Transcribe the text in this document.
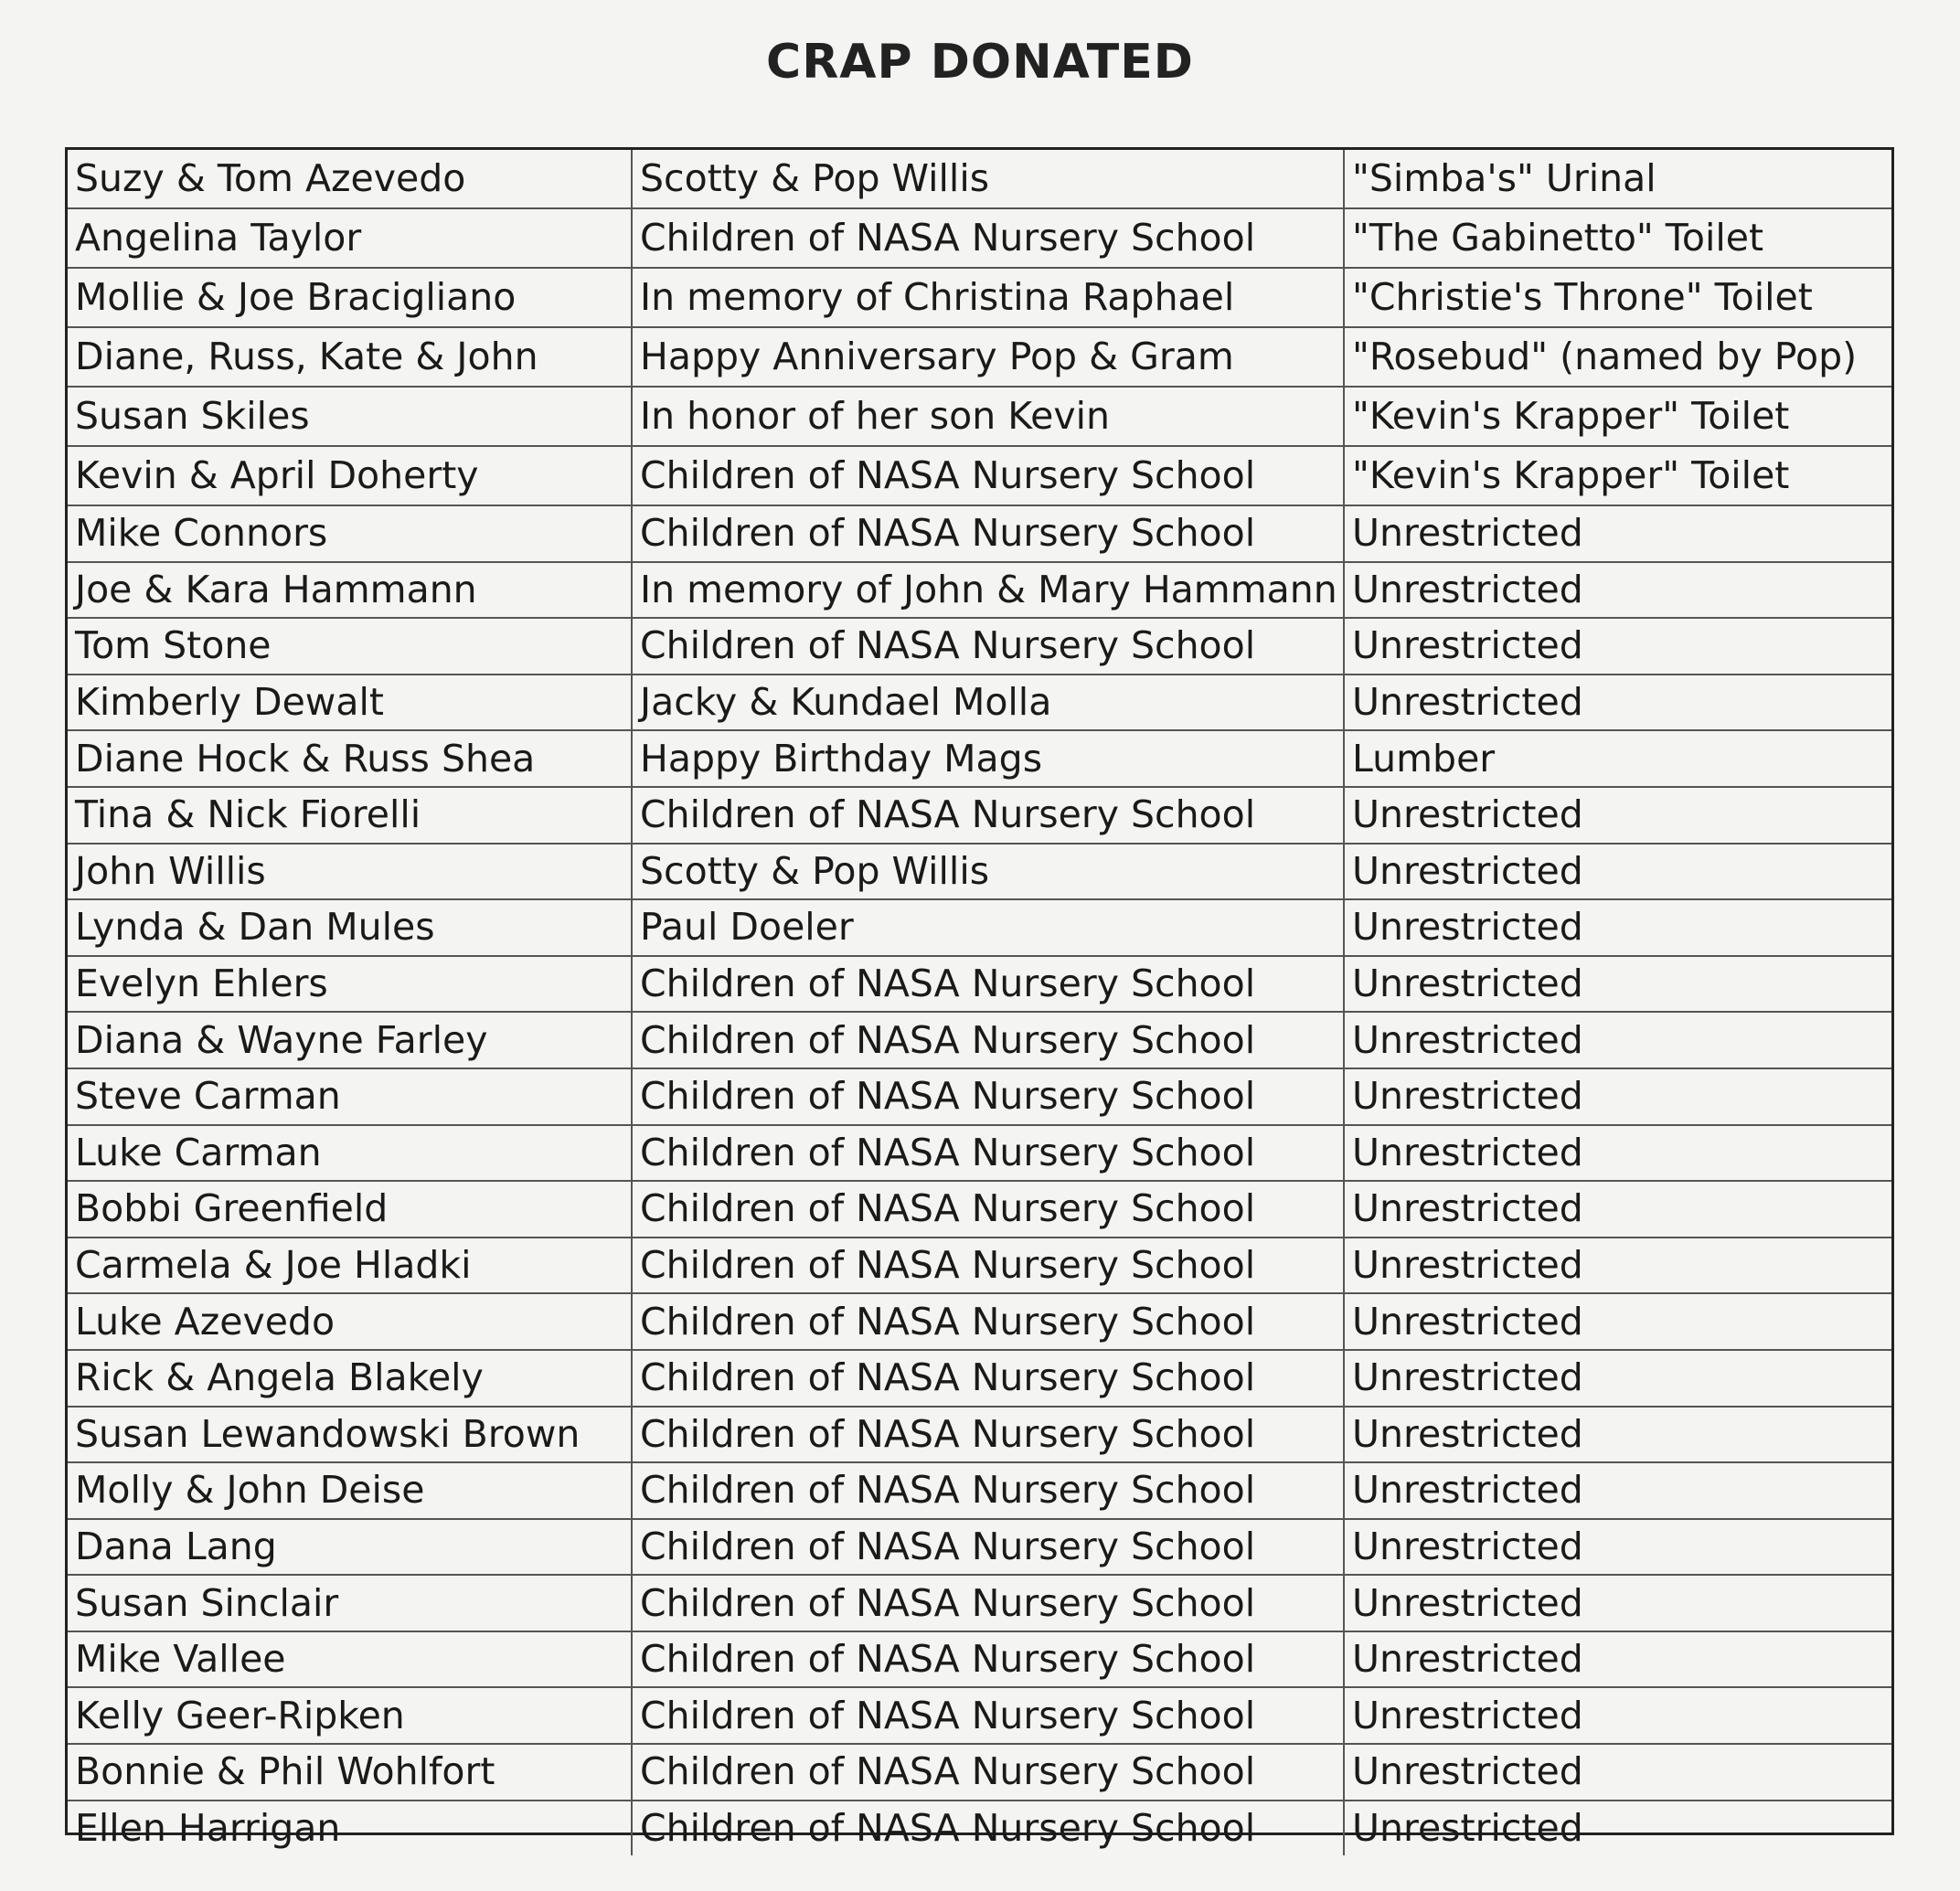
CRAP DONATED
Suzy & Tom Azevedo	Scotty & Pop Willis	"Simba's" Urinal
Angelina Taylor	Children of NASA Nursery School	"The Gabinetto" Toilet
Mollie & Joe Bracigliano	In memory of Christina Raphael	"Christie's Throne" Toilet
Diane, Russ, Kate & John	Happy Anniversary Pop & Gram	"Rosebud" (named by Pop)
Susan Skiles	In honor of her son Kevin	"Kevin's Krapper" Toilet
Kevin & April Doherty	Children of NASA Nursery School	"Kevin's Krapper" Toilet
Mike Connors	Children of NASA Nursery School	Unrestricted
Joe & Kara Hammann	In memory of John & Mary Hammann	Unrestricted
Tom Stone	Children of NASA Nursery School	Unrestricted
Kimberly Dewalt	Jacky & Kundael Molla	Unrestricted
Diane Hock & Russ Shea	Happy Birthday Mags	Lumber
Tina & Nick Fiorelli	Children of NASA Nursery School	Unrestricted
John Willis	Scotty & Pop Willis	Unrestricted
Lynda & Dan Mules	Paul Doeler	Unrestricted
Evelyn Ehlers	Children of NASA Nursery School	Unrestricted
Diana & Wayne Farley	Children of NASA Nursery School	Unrestricted
Steve Carman	Children of NASA Nursery School	Unrestricted
Luke Carman	Children of NASA Nursery School	Unrestricted
Bobbi Greenfield	Children of NASA Nursery School	Unrestricted
Carmela & Joe Hladki	Children of NASA Nursery School	Unrestricted
Luke Azevedo	Children of NASA Nursery School	Unrestricted
Rick & Angela Blakely	Children of NASA Nursery School	Unrestricted
Susan Lewandowski Brown	Children of NASA Nursery School	Unrestricted
Molly & John Deise	Children of NASA Nursery School	Unrestricted
Dana Lang	Children of NASA Nursery School	Unrestricted
Susan Sinclair	Children of NASA Nursery School	Unrestricted
Mike Vallee	Children of NASA Nursery School	Unrestricted
Kelly Geer-Ripken	Children of NASA Nursery School	Unrestricted
Bonnie & Phil Wohlfort	Children of NASA Nursery School	Unrestricted
Ellen Harrigan	Children of NASA Nursery School	Unrestricted
